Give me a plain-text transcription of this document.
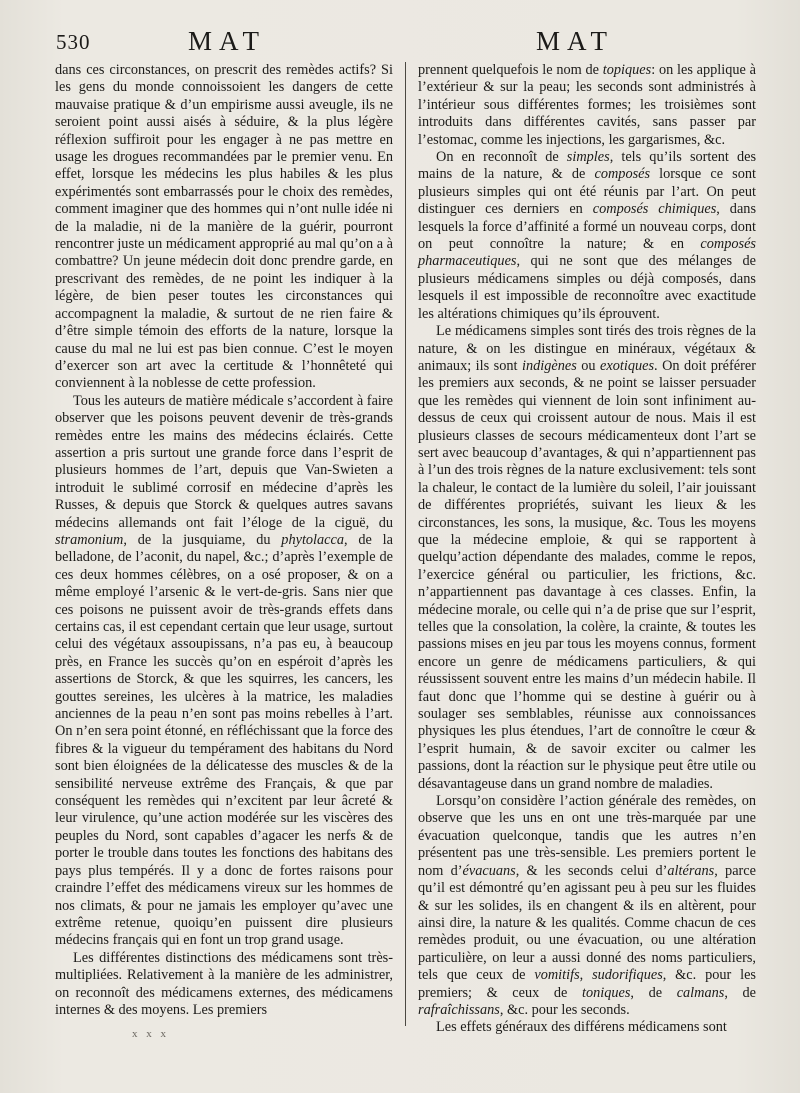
530	MAT	MAT

dans ces circonstances, on prescrit des remèdes actifs? Si les gens du monde connoissoient les dangers de cette mauvaise pratique & d’un empirisme aussi aveugle, ils ne seroient point aussi aisés à séduire, & la plus légère réflexion suffiroit pour les engager à ne pas mettre en usage les drogues recommandées par le premier venu. En effet, lorsque les médecins les plus habiles & les plus expérimentés sont embarrassés pour le choix des remèdes, comment imaginer que des hommes qui n’ont nulle idée ni de la maladie, ni de la manière de la guérir, pourront rencontrer juste un médicament approprié au mal qu’on a à combattre? Un jeune médecin doit donc prendre garde, en prescrivant des remèdes, de ne point les indiquer à la légère, de bien peser toutes les circonstances qui accompagnent la maladie, & surtout de ne rien faire & d’être simple témoin des efforts de la nature, lorsque la cause du mal ne lui est pas bien connue. C’est le moyen d’exercer son art avec la certitude & l’honnêteté qui conviennent à la noblesse de cette profession.

Tous les auteurs de matière médicale s’accordent à faire observer que les poisons peuvent devenir de très-grands remèdes entre les mains des médecins éclairés. Cette assertion a pris surtout une grande force dans l’esprit de plusieurs hommes de l’art, depuis que Van-Swieten a introduit le sublimé corrosif en médecine d’après les Russes, & depuis que Storck & quelques autres savans médecins allemands ont fait l’éloge de la ciguë, du stramonium, de la jusquiame, du phytolacca, de la belladone, de l’aconit, du napel, &c.; d’après l’exemple de ces deux hommes célèbres, on a osé proposer, & on a même employé l’arsenic & le vert-de-gris. Sans nier que ces poisons ne puissent avoir de très-grands effets dans certains cas, il est cependant certain que leur usage, surtout celui des végétaux assoupissans, n’a pas eu, à beaucoup près, en France les succès qu’on en espéroit d’après les assertions de Storck, & que les squirres, les cancers, les gouttes sereines, les ulcères à la matrice, les maladies anciennes de la peau n’en sont pas moins rebelles à l’art. On n’en sera point étonné, en réfléchissant que la force des fibres & la vigueur du tempérament des habitans du Nord sont bien éloignées de la délicatesse des muscles & de la sensibilité nerveuse extrême des Français, & que par conséquent les remèdes qui n’excitent par leur âcreté & leur virulence, qu’une action modérée sur les viscères des peuples du Nord, sont capables d’agacer les nerfs & de porter le trouble dans toutes les fonctions des habitans des pays plus tempérés. Il y a donc de fortes raisons pour craindre l’effet des médicamens vireux sur les hommes de nos climats, & pour ne jamais les employer qu’avec une extrême retenue, quoiqu’en puissent dire plusieurs médecins français qui en font un trop grand usage.

Les différentes distinctions des médicamens sont très-multipliées. Relativement à la manière de les administrer, on reconnoît des médicamens externes, des médicamens internes & des moyens. Les premiers

prennent quelquefois le nom de topiques: on les applique à l’extérieur & sur la peau; les seconds sont administrés à l’intérieur sous différentes formes; les troisièmes sont introduits dans différentes cavités, sans passer par l’estomac, comme les injections, les gargarismes, &c.

On en reconnoît de simples, tels qu’ils sortent des mains de la nature, & de composés lorsque ce sont plusieurs simples qui ont été réunis par l’art. On peut distinguer ces derniers en composés chimiques, dans lesquels la force d’affinité a formé un nouveau corps, dont on peut connoître la nature; & en composés pharmaceutiques, qui ne sont que des mélanges de plusieurs médicamens simples ou déjà composés, dans lesquels il est impossible de reconnoître avec exactitude les altérations chimiques qu’ils éprouvent.

Le médicamens simples sont tirés des trois règnes de la nature, & on les distingue en minéraux, végétaux & animaux; ils sont indigènes ou exotiques. On doit préférer les premiers aux seconds, & ne point se laisser persuader que les remèdes qui viennent de loin sont infiniment au-dessus de ceux qui croissent autour de nous. Mais il est plusieurs classes de secours médicamenteux dont l’art se sert avec beaucoup d’avantages, & qui n’appartiennent pas à l’un des trois règnes de la nature exclusivement: tels sont la chaleur, le contact de la lumière du soleil, l’air jouissant de différentes propriétés, suivant les lieux & les circonstances, les sons, la musique, &c. Tous les moyens que la médecine emploie, & qui se rapportent à quelqu’action dépendante des malades, comme le repos, l’exercice général ou particulier, les frictions, &c. n’appartiennent pas davantage à ces classes. Enfin, la médecine morale, ou celle qui n’a de prise que sur l’esprit, telles que la consolation, la colère, la crainte, & toutes les passions mises en jeu par tous les moyens connus, forment encore un genre de médicamens particuliers, & qui réussissent souvent entre les mains d’un médecin habile. Il faut donc que l’homme qui se destine à guérir ou à soulager ses semblables, réunisse aux connoissances physiques les plus étendues, l’art de connoître le cœur & l’esprit humain, & de savoir exciter ou calmer les passions, dont la réaction sur le physique peut être utile ou désavantageuse dans un grand nombre de maladies.

Lorsqu’on considère l’action générale des remèdes, on observe que les uns en ont une très-marquée par une évacuation quelconque, tandis que les autres n’en présentent pas une très-sensible. Les premiers portent le nom d’évacuans, & les seconds celui d’altérans, parce qu’il est démontré qu’en agissant peu à peu sur les fluides & sur les solides, ils en changent & ils en altèrent, pour ainsi dire, la nature & les qualités. Comme chacun de ces remèdes produit, ou une évacuation, ou une altération particulière, on leur a aussi donné des noms particuliers, tels que ceux de vomitifs, sudorifiques, &c. pour les premiers; & ceux de toniques, de calmans, de rafraîchissans, &c. pour les seconds.

Les effets généraux des différens médicamens sont

x x x
